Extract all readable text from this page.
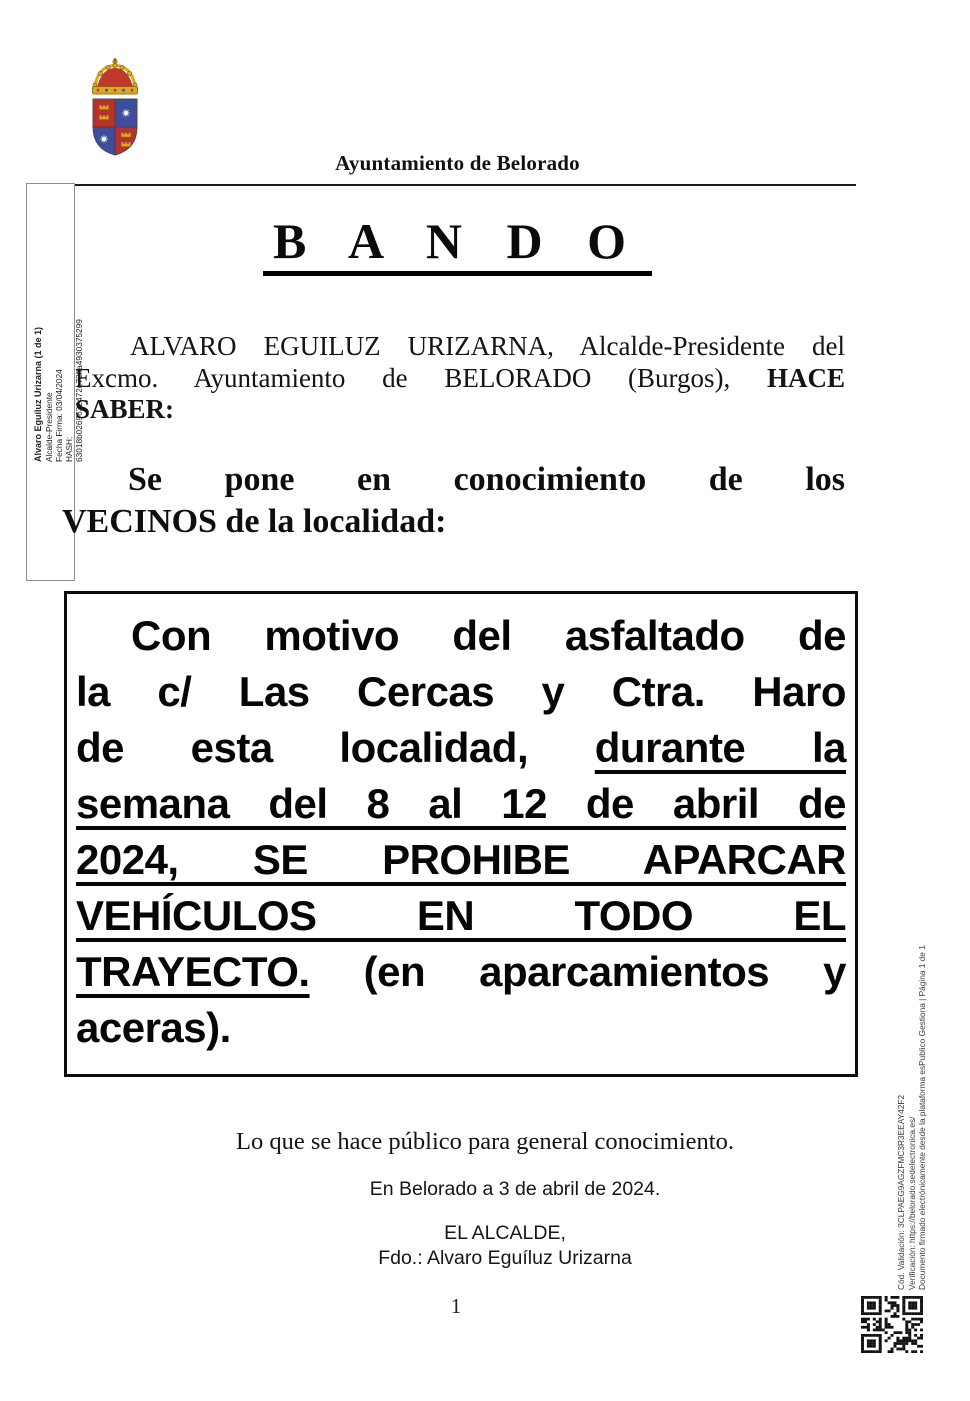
Ayuntamiento de Belorado
Alvaro Eguíluz Urizarna (1 de 1) Alcalde-Presidente Fecha Firma: 03/04/2024 HASH: 63018b0269632472e72ffa4930375299
B A N D O
ALVARO EGUILUZ URIZARNA, Alcalde-Presidente del
Excmo. Ayuntamiento de BELORADO (Burgos), HACE
SABER:
Se pone en conocimiento de los
VECINOS de la localidad:
Con motivo del asfaltado de
la c/ Las Cercas y Ctra. Haro
de esta localidad, durante la
semana del 8 al 12 de abril de
2024, SE PROHIBE APARCAR
VEHÍCULOS EN TODO EL
TRAYECTO. (en aparcamientos y
aceras).
Lo que se hace público para general conocimiento.
En Belorado a 3 de abril de 2024.
EL ALCALDE,
Fdo.: Alvaro Eguíluz Urizarna
1
Cód. Validación: 3CLPAEG9AGZFMC3R3EEAY42F2 Verificación: https://belorado.sedelectronica.es/ Documento firmado electrónicamente desde la plataforma esPublico Gestiona | Página 1 de 1
